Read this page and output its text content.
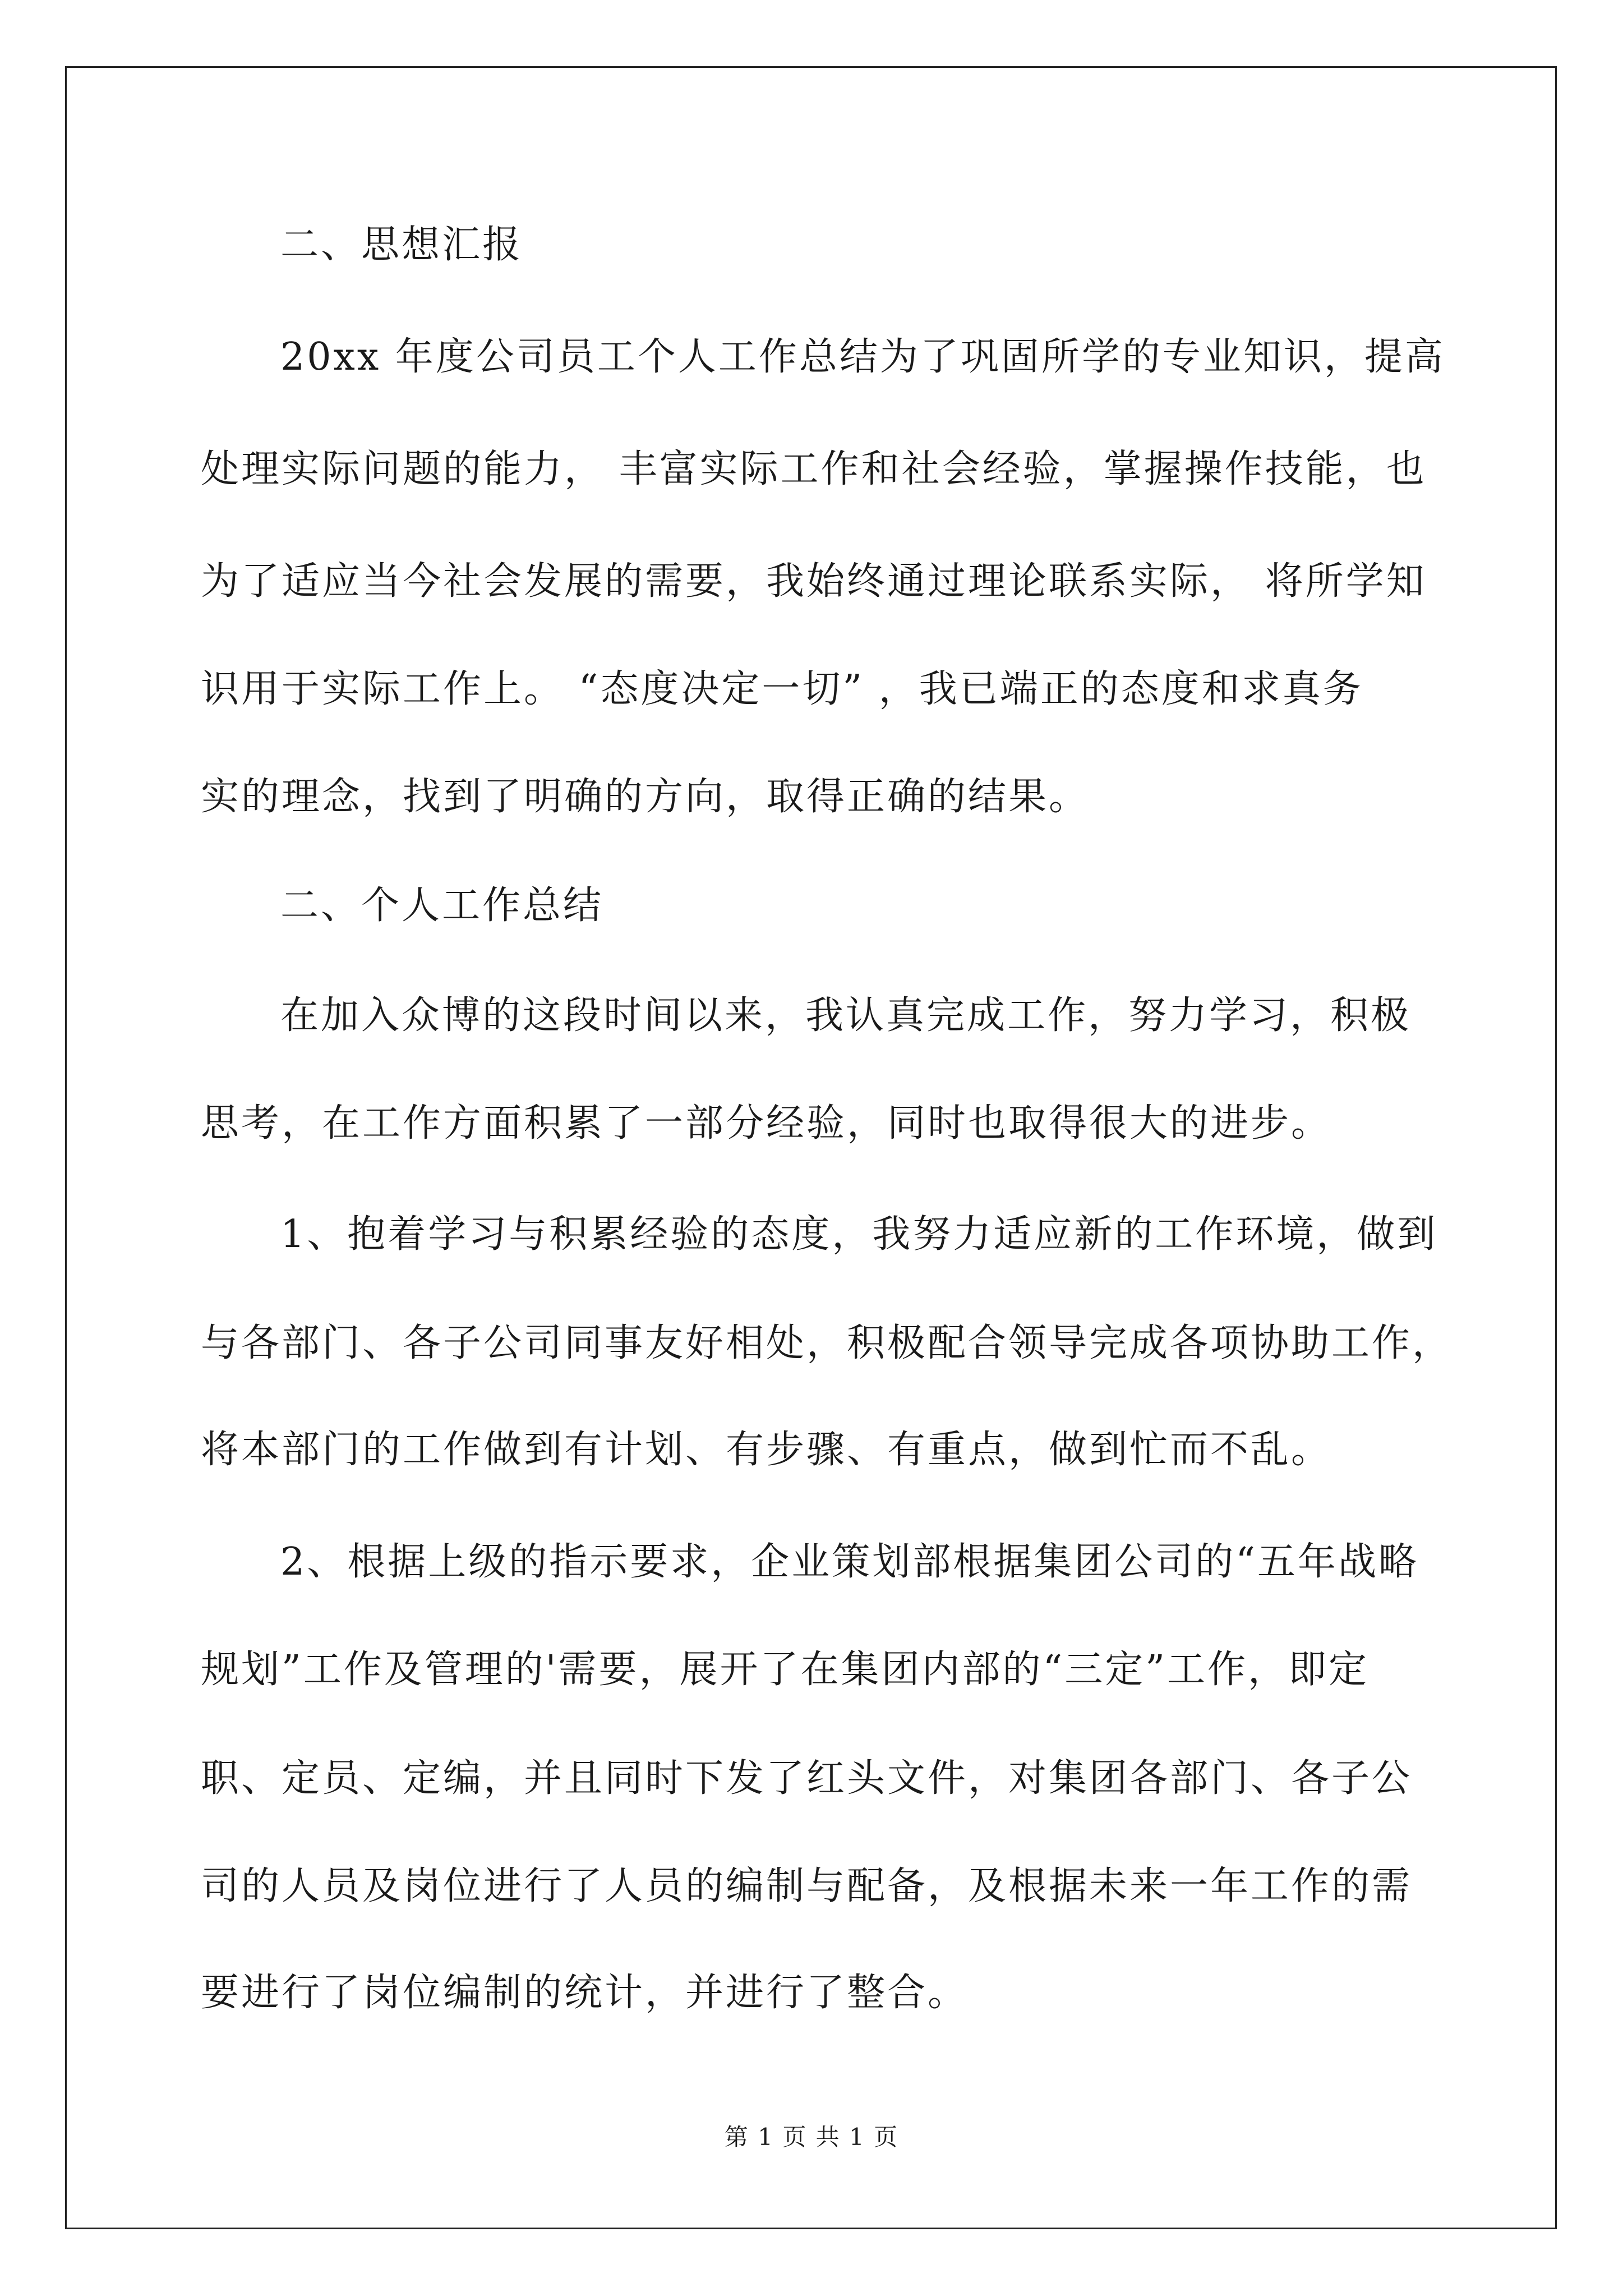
二、思想汇报
20xx 年度公司员工个人工作总结为了巩固所学的专业知识，提高
处理实际问题的能力， 丰富实际工作和社会经验，掌握操作技能，也
为了适应当今社会发展的需要，我始终通过理论联系实际， 将所学知
识用于实际工作上。 “态度决定一切” ，我已端正的态度和求真务
实的理念，找到了明确的方向，取得正确的结果。
二、个人工作总结
在加入众博的这段时间以来，我认真完成工作，努力学习，积极
思考，在工作方面积累了一部分经验，同时也取得很大的进步。
1、抱着学习与积累经验的态度，我努力适应新的工作环境，做到
与各部门、各子公司同事友好相处，积极配合领导完成各项协助工作，
将本部门的工作做到有计划、有步骤、有重点，做到忙而不乱。
2、根据上级的指示要求，企业策划部根据集团公司的“五年战略
规划”工作及管理的'需要，展开了在集团内部的“三定”工作，即定
职、定员、定编，并且同时下发了红头文件，对集团各部门、各子公
司的人员及岗位进行了人员的编制与配备，及根据未来一年工作的需
要进行了岗位编制的统计，并进行了整合。
第 1 页 共 1 页
